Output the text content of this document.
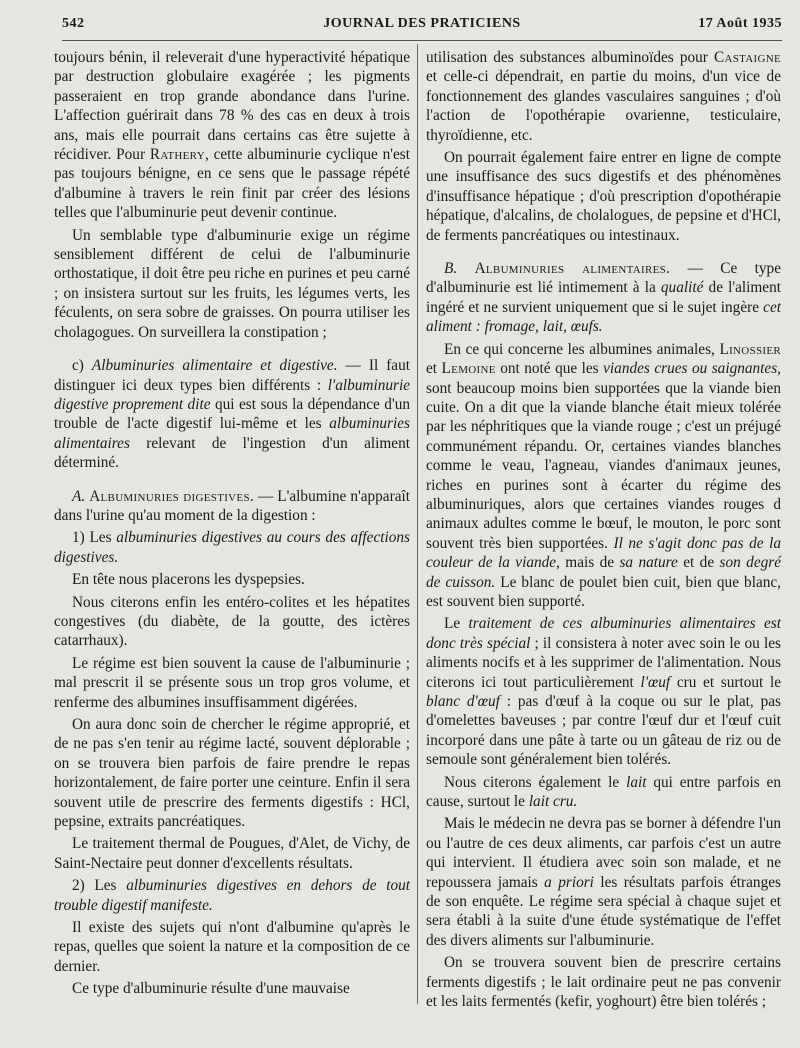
542	JOURNAL DES PRATICIENS	17 Août 1935

toujours bénin, il releverait d'une hyperactivité hépatique par destruction globulaire exagérée ; les pigments passeraient en trop grande abondance dans l'urine. L'affection guérirait dans 78 % des cas en deux à trois ans, mais elle pourrait dans certains cas être sujette à récidiver. Pour Rathery, cette albuminurie cyclique n'est pas toujours bénigne, en ce sens que le passage répété d'albumine à travers le rein finit par créer des lésions telles que l'albuminurie peut devenir continue.

Un semblable type d'albuminurie exige un régime sensiblement différent de celui de l'albuminurie orthostatique, il doit être peu riche en purines et peu carné ; on insistera surtout sur les fruits, les légumes verts, les féculents, on sera sobre de graisses. On pourra utiliser les cholagogues. On surveillera la constipation ;

c) Albuminuries alimentaire et digestive. — Il faut distinguer ici deux types bien différents : l'albuminurie digestive proprement dite qui est sous la dépendance d'un trouble de l'acte digestif lui-même et les albuminuries alimentaires relevant de l'ingestion d'un aliment déterminé.

A. Albuminuries digestives. — L'albumine n'apparaît dans l'urine qu'au moment de la digestion :

1) Les albuminuries digestives au cours des affections digestives.

En tête nous placerons les dyspepsies.

Nous citerons enfin les entéro-colites et les hépatites congestives (du diabète, de la goutte, des ictères catarrhaux).

Le régime est bien souvent la cause de l'albuminurie ; mal prescrit il se présente sous un trop gros volume, et renferme des albumines insuffisamment digérées.

On aura donc soin de chercher le régime approprié, et de ne pas s'en tenir au régime lacté, souvent déplorable ; on se trouvera bien parfois de faire prendre le repas horizontalement, de faire porter une ceinture. Enfin il sera souvent utile de prescrire des ferments digestifs : HCl, pepsine, extraits pancréatiques.

Le traitement thermal de Pougues, d'Alet, de Vichy, de Saint-Nectaire peut donner d'excellents résultats.

2) Les albuminuries digestives en dehors de tout trouble digestif manifeste.

Il existe des sujets qui n'ont d'albumine qu'après le repas, quelles que soient la nature et la composition de ce dernier.

Ce type d'albuminurie résulte d'une mauvaise

utilisation des substances albuminoïdes pour Castaigne et celle-ci dépendrait, en partie du moins, d'un vice de fonctionnement des glandes vasculaires sanguines ; d'où l'action de l'opothérapie ovarienne, testiculaire, thyroïdienne, etc.

On pourrait également faire entrer en ligne de compte une insuffisance des sucs digestifs et des phénomènes d'insuffisance hépatique ; d'où prescription d'opothérapie hépatique, d'alcalins, de cholalogues, de pepsine et d'HCl, de ferments pancréatiques ou intestinaux.

B. Albuminuries alimentaires. — Ce type d'albuminurie est lié intimement à la qualité de l'aliment ingéré et ne survient uniquement que si le sujet ingère cet aliment : fromage, lait, œufs.

En ce qui concerne les albumines animales, Linossier et Lemoine ont noté que les viandes crues ou saignantes, sont beaucoup moins bien supportées que la viande bien cuite. On a dit que la viande blanche était mieux tolérée par les néphritiques que la viande rouge ; c'est un préjugé communément répandu. Or, certaines viandes blanches comme le veau, l'agneau, viandes d'animaux jeunes, riches en purines sont à écarter du régime des albuminuriques, alors que certaines viandes rouges d animaux adultes comme le bœuf, le mouton, le porc sont souvent très bien supportées. Il ne s'agit donc pas de la couleur de la viande, mais de sa nature et de son degré de cuisson. Le blanc de poulet bien cuit, bien que blanc, est souvent bien supporté.

Le traitement de ces albuminuries alimentaires est donc très spécial ; il consistera à noter avec soin le ou les aliments nocifs et à les supprimer de l'alimentation. Nous citerons ici tout particulièrement l'œuf cru et surtout le blanc d'œuf : pas d'œuf à la coque ou sur le plat, pas d'omelettes baveuses ; par contre l'œuf dur et l'œuf cuit incorporé dans une pâte à tarte ou un gâteau de riz ou de semoule sont généralement bien tolérés.

Nous citerons également le lait qui entre parfois en cause, surtout le lait cru.

Mais le médecin ne devra pas se borner à défendre l'un ou l'autre de ces deux aliments, car parfois c'est un autre qui intervient. Il étudiera avec soin son malade, et ne repoussera jamais a priori les résultats parfois étranges de son enquête. Le régime sera spécial à chaque sujet et sera établi à la suite d'une étude systématique de l'effet des divers aliments sur l'albuminurie.

On se trouvera souvent bien de prescrire certains ferments digestifs ; le lait ordinaire peut ne pas convenir et les laits fermentés (kefir, yoghourt) être bien tolérés ;
